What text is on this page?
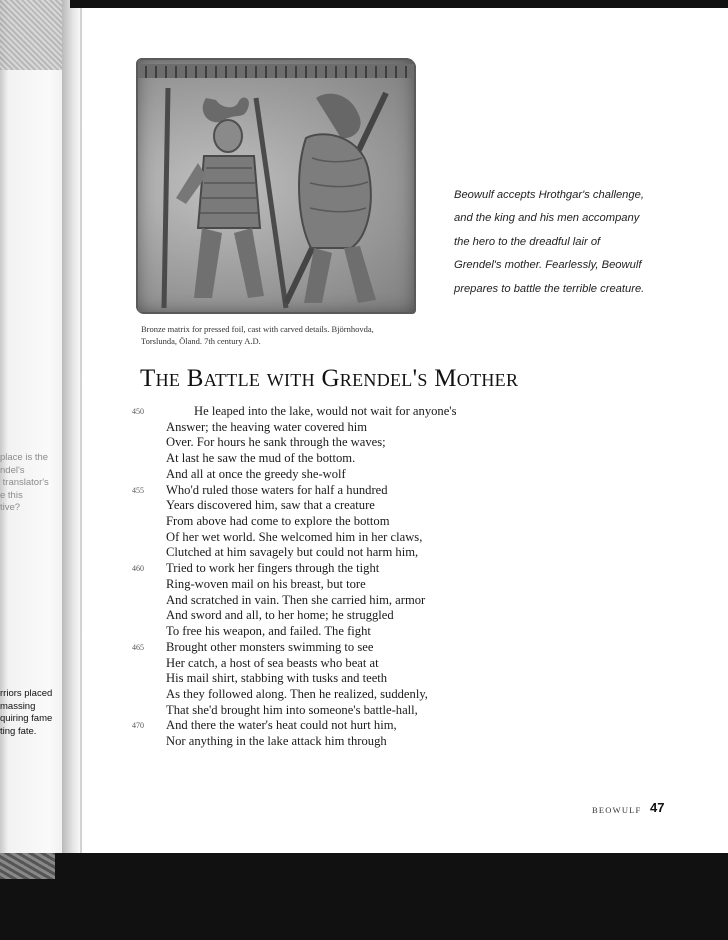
place is the
ndel's
translator's
e this
tive?
rriors placed
massing
quiring fame
ting fate.
Bronze matrix for pressed foil, cast with carved details. Björnhovda,
Torslunda, Öland. 7th century A.D.
Beowulf accepts Hrothgar's challenge,
and the king and his men accompany
the hero to the dreadful lair of
Grendel's mother. Fearlessly, Beowulf
prepares to battle the terrible creature.
The Battle with Grendel's Mother
450	He leaped into the lake, would not wait for anyone's
Answer; the heaving water covered him
Over. For hours he sank through the waves;
At last he saw the mud of the bottom.
And all at once the greedy she-wolf
455	Who'd ruled those waters for half a hundred
Years discovered him, saw that a creature
From above had come to explore the bottom
Of her wet world. She welcomed him in her claws,
Clutched at him savagely but could not harm him,
460	Tried to work her fingers through the tight
Ring-woven mail on his breast, but tore
And scratched in vain. Then she carried him, armor
And sword and all, to her home; he struggled
To free his weapon, and failed. The fight
465	Brought other monsters swimming to see
Her catch, a host of sea beasts who beat at
His mail shirt, stabbing with tusks and teeth
As they followed along. Then he realized, suddenly,
That she'd brought him into someone's battle-hall,
470	And there the water's heat could not hurt him,
Nor anything in the lake attack him through
BEOWULF 47
